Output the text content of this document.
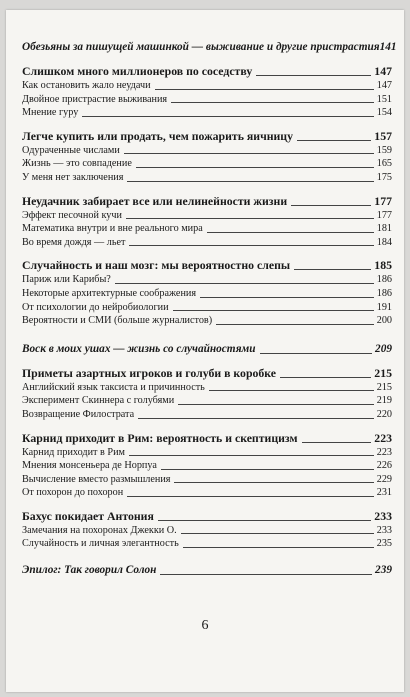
Обезьяны за пишущей машинкой — выживание и другие пристрастия 141
Слишком много миллионеров по соседству	147
Как остановить жало неудачи	147
Двойное пристрастие выживания	151
Мнение гуру	154
Легче купить или продать, чем пожарить яичницу	157
Одураченные числами	159
Жизнь — это совпадение	165
У меня нет заключения	175
Неудачник забирает все или нелинейности жизни	177
Эффект песочной кучи	177
Математика внутри и вне реального мира	181
Во время дождя — льет	184
Случайность и наш мозг: мы вероятностно слепы	185
Париж или Карибы?	186
Некоторые архитектурные соображения	186
От психологии до нейробиологии	191
Вероятности и СМИ (больше журналистов)	200
Воск в моих ушах — жизнь со случайностями	209
Приметы азартных игроков и голуби в коробке	215
Английский язык таксиста и причинность	215
Эксперимент Скиннера с голубями	219
Возвращение Филострата	220
Карнид приходит в Рим: вероятность и скептицизм	223
Карнид приходит в Рим	223
Мнения монсеньера де Норпуа	226
Вычисление вместо размышления	229
От похорон до похорон	231
Бахус покидает Антония	233
Замечания на похоронах Джекки О.	233
Случайность и личная элегантность	235
Эпилог: Так говорил Солон	239
6
